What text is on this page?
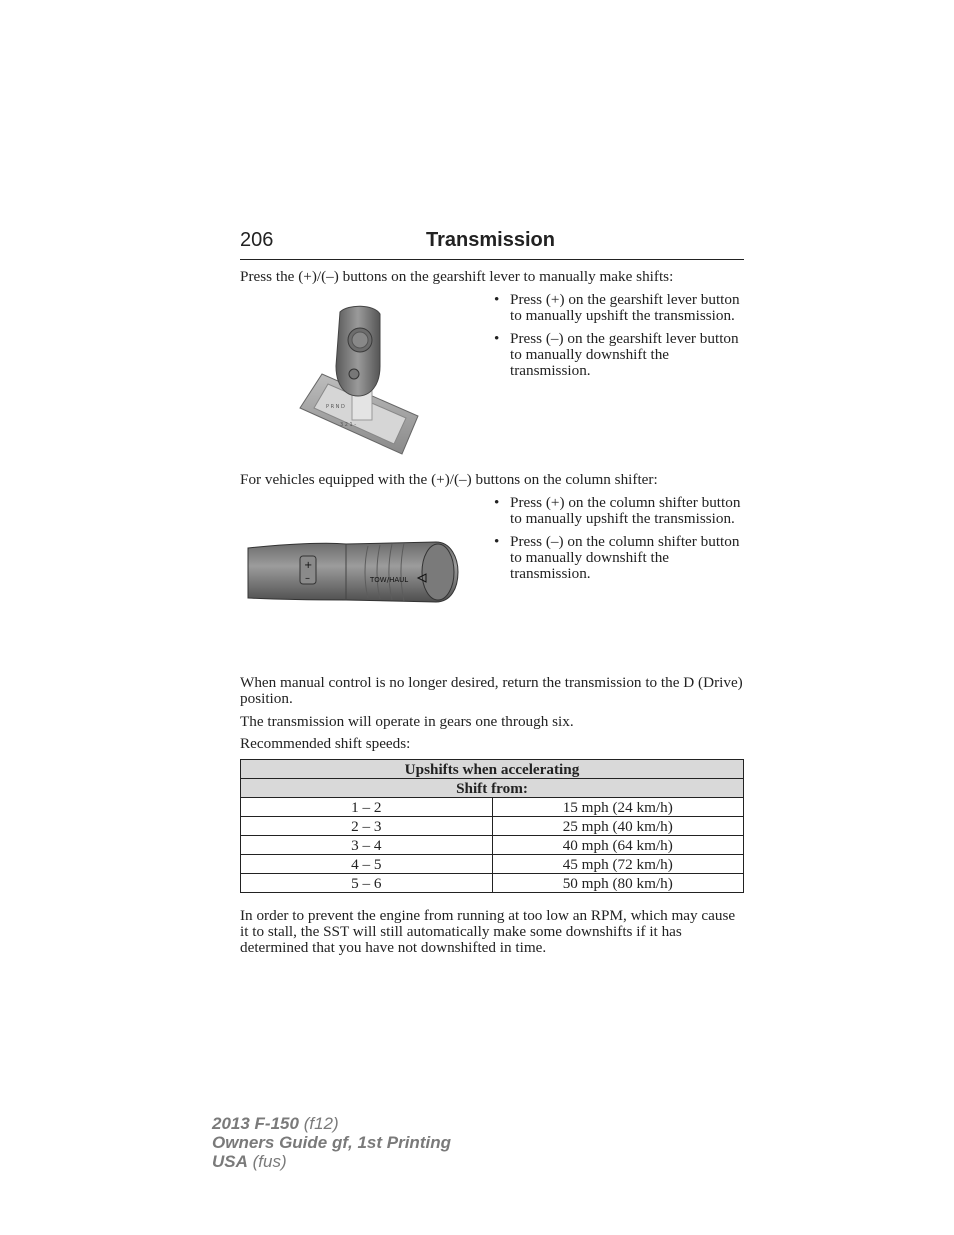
206	Transmission

Press the (+)/(–) buttons on the gearshift lever to manually make shifts:

P R N D
3 2 1 -
• Press (+) on the gearshift lever button to manually upshift the transmission.
• Press (–) on the gearshift lever button to manually downshift the transmission.

For vehicles equipped with the (+)/(–) buttons on the column shifter:

+
–	TOW/HAUL
• Press (+) on the column shifter button to manually upshift the transmission.
• Press (–) on the column shifter button to manually downshift the transmission.

When manual control is no longer desired, return the transmission to the D (Drive) position.

The transmission will operate in gears one through six.

Recommended shift speeds:

Upshifts when accelerating	
Shift from:	
1 – 2	15 mph (24 km/h)
2 – 3	25 mph (40 km/h)
3 – 4	40 mph (64 km/h)
4 – 5	45 mph (72 km/h)
5 – 6	50 mph (80 km/h)

In order to prevent the engine from running at too low an RPM, which may cause it to stall, the SST will still automatically make some downshifts if it has determined that you have not downshifted in time.

2013 F-150 (f12)
Owners Guide gf, 1st Printing
USA (fus)
